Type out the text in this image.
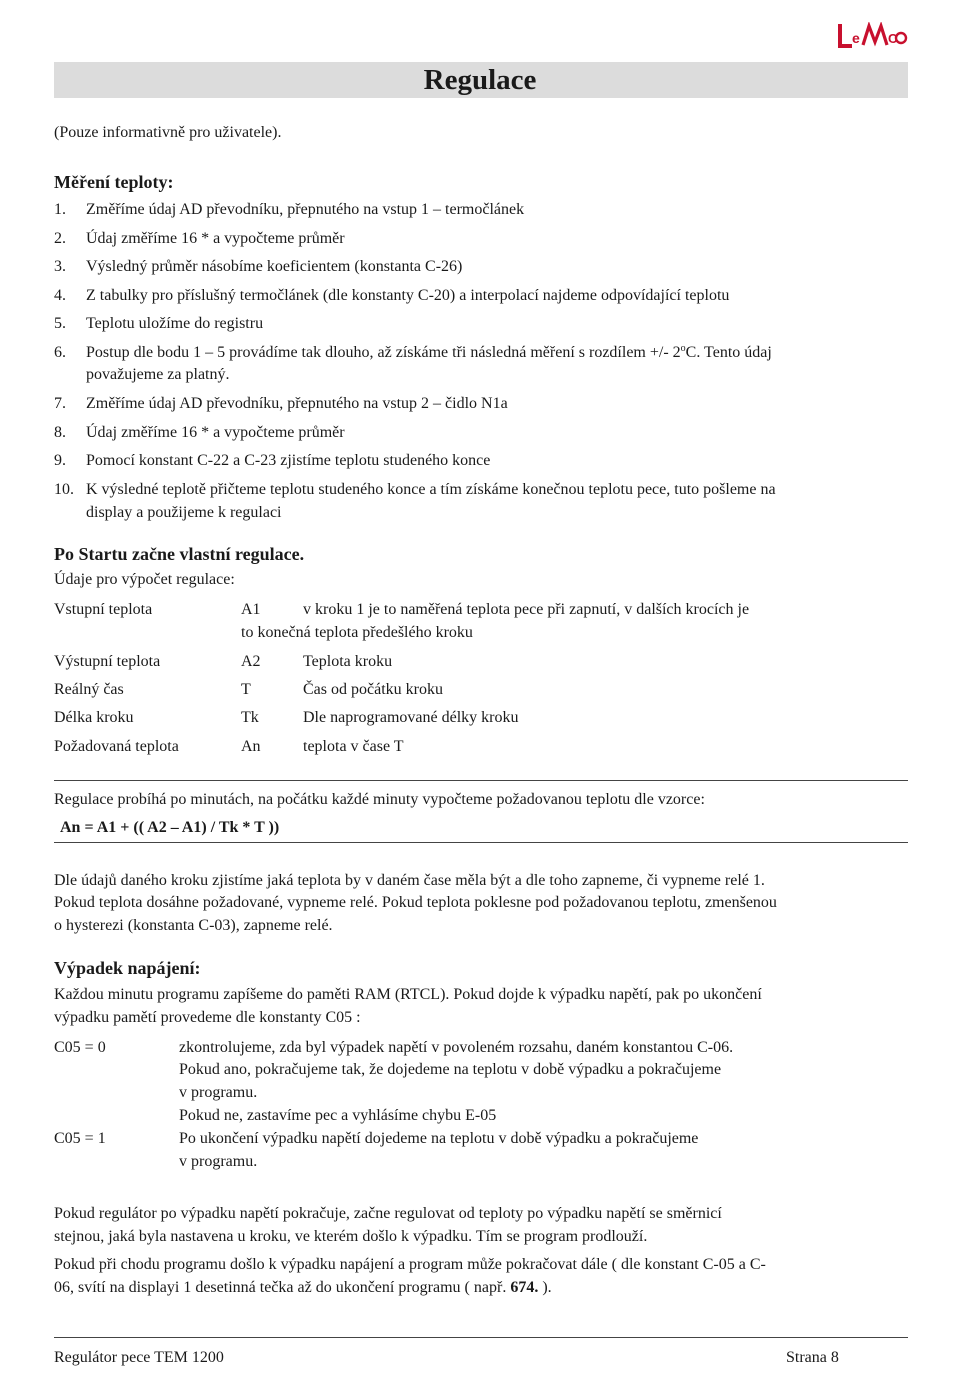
e C
Regulace
(Pouze informativně pro uživatele).
Měření teploty:
1. Změříme údaj AD převodníku, přepnutého na vstup 1 – termočlánek
2. Údaj změříme 16 * a vypočteme průměr
3. Výsledný průměr násobíme koeficientem (konstanta C-26)
4. Z tabulky pro příslušný termočlánek (dle konstanty C-20) a interpolací najdeme odpovídající teplotu
5. Teplotu uložíme do registru
6. Postup dle bodu 1 – 5 provádíme tak dlouho, až získáme tři následná měření s rozdílem +/- 2$^o$C. Tento údaj
považujeme za platný.
7. Změříme údaj AD převodníku, přepnutého na vstup 2 – čidlo N1a
8. Údaj změříme 16 * a vypočteme průměr
9. Pomocí konstant C-22 a C-23 zjistíme teplotu studeného konce
10. K výsledné teplotě přičteme teplotu studeného konce a tím získáme konečnou teplotu pece, tuto pošleme na
display a použijeme k regulaci
Po Startu začne vlastní regulace.
Údaje pro výpočet regulace:
Vstupní teplota	A1	v kroku 1 je to naměřená teplota pece při zapnutí, v dalších krocích je
to konečná teplota předešlého kroku
Výstupní teplota	A2	Teplota kroku
Reálný čas	T	Čas od počátku kroku
Délka kroku	Tk	Dle naprogramované délky kroku
Požadovaná teplota	An	teplota v čase T
Regulace probíhá po minutách, na počátku každé minuty vypočteme požadovanou teplotu dle vzorce:
An = A1 + (( A2 – A1) / Tk * T ))
Dle údajů daného kroku zjistíme jaká teplota by v daném čase měla být a dle toho zapneme, či vypneme relé 1.
Pokud teplota dosáhne požadované, vypneme relé. Pokud teplota poklesne pod požadovanou teplotu, zmenšenou
o hysterezi (konstanta C-03), zapneme relé.
Výpadek napájení:
Každou minutu programu zapíšeme do paměti RAM (RTCL). Pokud dojde k výpadku napětí, pak po ukončení
výpadku pamětí provedeme dle konstanty C05 :
C05 = 0	zkontrolujeme, zda byl výpadek napětí v povoleném rozsahu, daném konstantou C-06.
Pokud ano, pokračujeme tak, že dojedeme na teplotu v době výpadku a pokračujeme
v programu.
Pokud ne, zastavíme pec a vyhlásíme chybu E-05
C05 = 1	Po ukončení výpadku napětí dojedeme na teplotu v době výpadku a pokračujeme
v programu.
Pokud regulátor po výpadku napětí pokračuje, začne regulovat od teploty po výpadku napětí se směrnicí
stejnou, jaká byla nastavena u kroku, ve kterém došlo k výpadku. Tím se program prodlouží.
Pokud při chodu programu došlo k výpadku napájení a program může pokračovat dále ( dle konstant C-05 a C-
06, svítí na displayi 1 desetinná tečka až do ukončení programu ( např. 674. ).
Regulátor pece TEM 1200	Strana 8
